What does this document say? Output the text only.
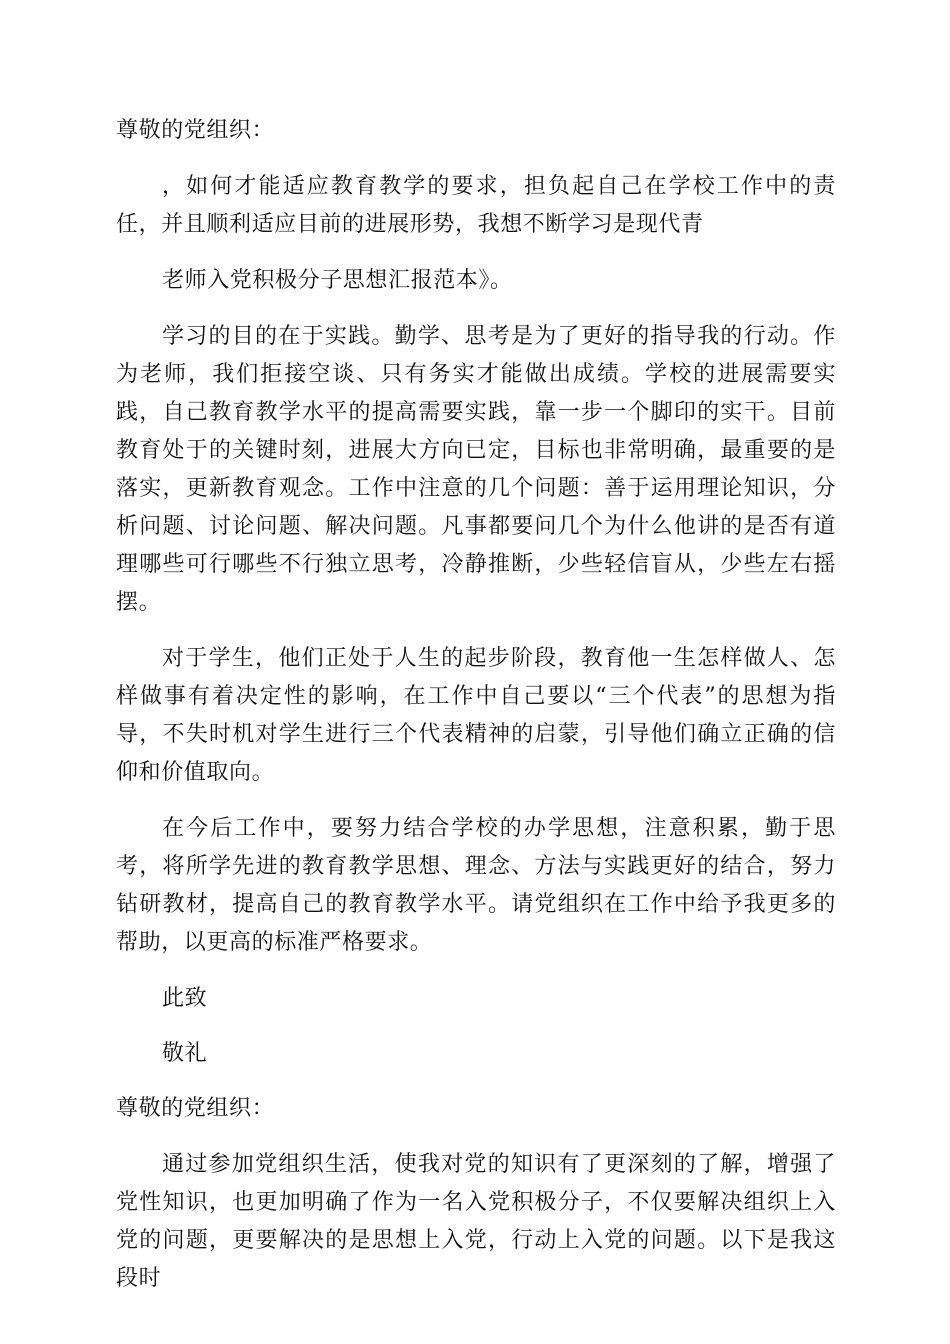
尊敬的党组织：

，如何才能适应教育教学的要求，担负起自己在学校工作中的责任，并且顺利适应目前的进展形势，我想不断学习是现代青

老师入党积极分子思想汇报范本》。

学习的目的在于实践。勤学、思考是为了更好的指导我的行动。作为老师，我们拒接空谈、只有务实才能做出成绩。学校的进展需要实践，自己教育教学水平的提高需要实践，靠一步一个脚印的实干。目前教育处于的关键时刻，进展大方向已定，目标也非常明确，最重要的是落实，更新教育观念。工作中注意的几个问题：善于运用理论知识，分析问题、讨论问题、解决问题。凡事都要问几个为什么他讲的是否有道理哪些可行哪些不行独立思考，冷静推断，少些轻信盲从，少些左右摇摆。

对于学生，他们正处于人生的起步阶段，教育他一生怎样做人、怎样做事有着决定性的影响，在工作中自己要以“三个代表”的思想为指导，不失时机对学生进行三个代表精神的启蒙，引导他们确立正确的信仰和价值取向。

在今后工作中，要努力结合学校的办学思想，注意积累，勤于思考，将所学先进的教育教学思想、理念、方法与实践更好的结合，努力钻研教材，提高自己的教育教学水平。请党组织在工作中给予我更多的帮助，以更高的标准严格要求。

此致
敬礼
尊敬的党组织：

通过参加党组织生活，使我对党的知识有了更深刻的了解，增强了党性知识，也更加明确了作为一名入党积极分子，不仅要解决组织上入党的问题，更要解决的是思想上入党，行动上入党的问题。以下是我这段时
